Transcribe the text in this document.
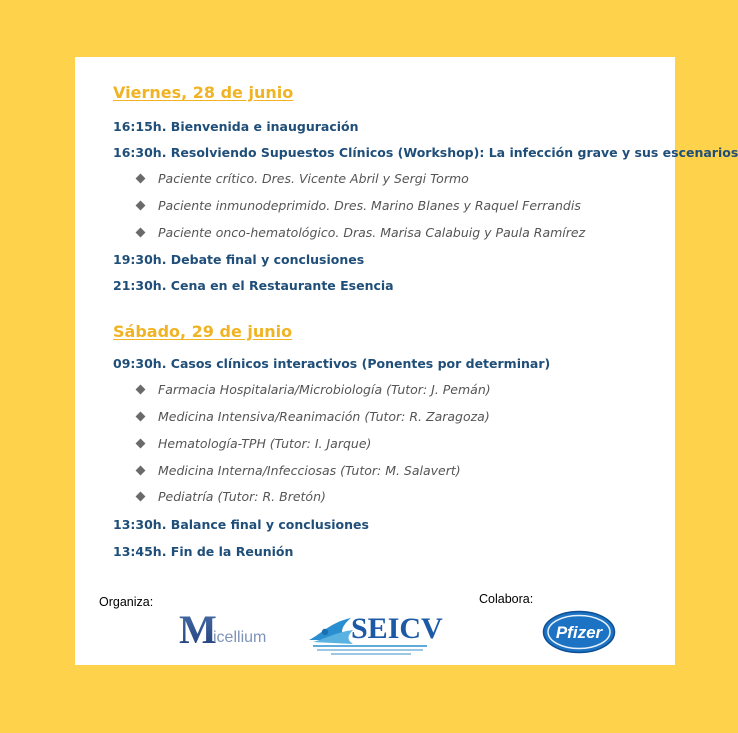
Viernes, 28 de junio

16:15h. Bienvenida e inauguración

16:30h. Resolviendo Supuestos Clínicos (Workshop): La infección grave y sus escenarios

Paciente crítico. Dres. Vicente Abril y Sergi Tormo

Paciente inmunodeprimido. Dres. Marino Blanes y Raquel Ferrandis

Paciente onco-hematológico. Dras. Marisa Calabuig y Paula Ramírez

19:30h. Debate final y conclusiones

21:30h. Cena en el Restaurante Esencia

Sábado, 29 de junio

09:30h. Casos clínicos interactivos (Ponentes por determinar)

Farmacia Hospitalaria/Microbiología (Tutor: J. Pemán)

Medicina Intensiva/Reanimación (Tutor: R. Zaragoza)

Hematología-TPH (Tutor: I. Jarque)

Medicina Interna/Infecciosas (Tutor: M. Salavert)

Pediatría (Tutor: R. Bretón)

13:30h. Balance final y conclusiones

13:45h. Fin de la Reunión

Organiza:	Colabora:

M
icellium	SEICV	Pfizer
